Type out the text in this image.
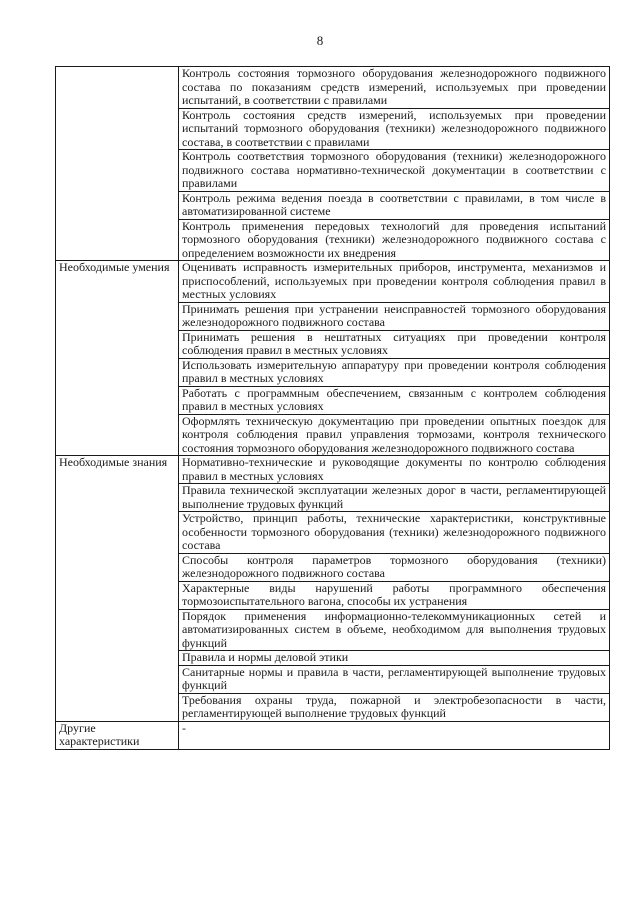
8
	Контроль состояния тормозного оборудования железнодорожного подвижного состава по показаниям средств измерений, используемых при проведении испытаний, в соответствии с правилами
	Контроль состояния средств измерений, используемых при проведении испытаний тормозного оборудования (техники) железнодорожного подвижного состава, в соответствии с правилами
	Контроль соответствия тормозного оборудования (техники) железнодорожного подвижного состава нормативно-технической документации в соответствии с правилами
	Контроль режима ведения поезда в соответствии с правилами, в том числе в автоматизированной системе
	Контроль применения передовых технологий для проведения испытаний тормозного оборудования (техники) железнодорожного подвижного состава с определением возможности их внедрения
Необходимые умения	Оценивать исправность измерительных приборов, инструмента, механизмов и приспособлений, используемых при проведении контроля соблюдения правил в местных условиях
	Принимать решения при устранении неисправностей тормозного оборудования железнодорожного подвижного состава
	Принимать решения в нештатных ситуациях при проведении контроля соблюдения правил в местных условиях
	Использовать измерительную аппаратуру при проведении контроля соблюдения правил в местных условиях
	Работать с программным обеспечением, связанным с контролем соблюдения правил в местных условиях
	Оформлять техническую документацию при проведении опытных поездок для контроля соблюдения правил управления тормозами, контроля технического состояния тормозного оборудования железнодорожного подвижного состава
Необходимые знания	Нормативно-технические и руководящие документы по контролю соблюдения правил в местных условиях
	Правила технической эксплуатации железных дорог в части, регламентирующей выполнение трудовых функций
	Устройство, принцип работы, технические характеристики, конструктивные особенности тормозного оборудования (техники) железнодорожного подвижного состава
	Способы контроля параметров тормозного оборудования (техники) железнодорожного подвижного состава
	Характерные виды нарушений работы программного обеспечения тормозоиспытательного вагона, способы их устранения
	Порядок применения информационно-телекоммуникационных сетей и автоматизированных систем в объеме, необходимом для выполнения трудовых функций
	Правила и нормы деловой этики
	Санитарные нормы и правила в части, регламентирующей выполнение трудовых функций
	Требования охраны труда, пожарной и электробезопасности в части, регламентирующей выполнение трудовых функций
Другие характеристики	-
